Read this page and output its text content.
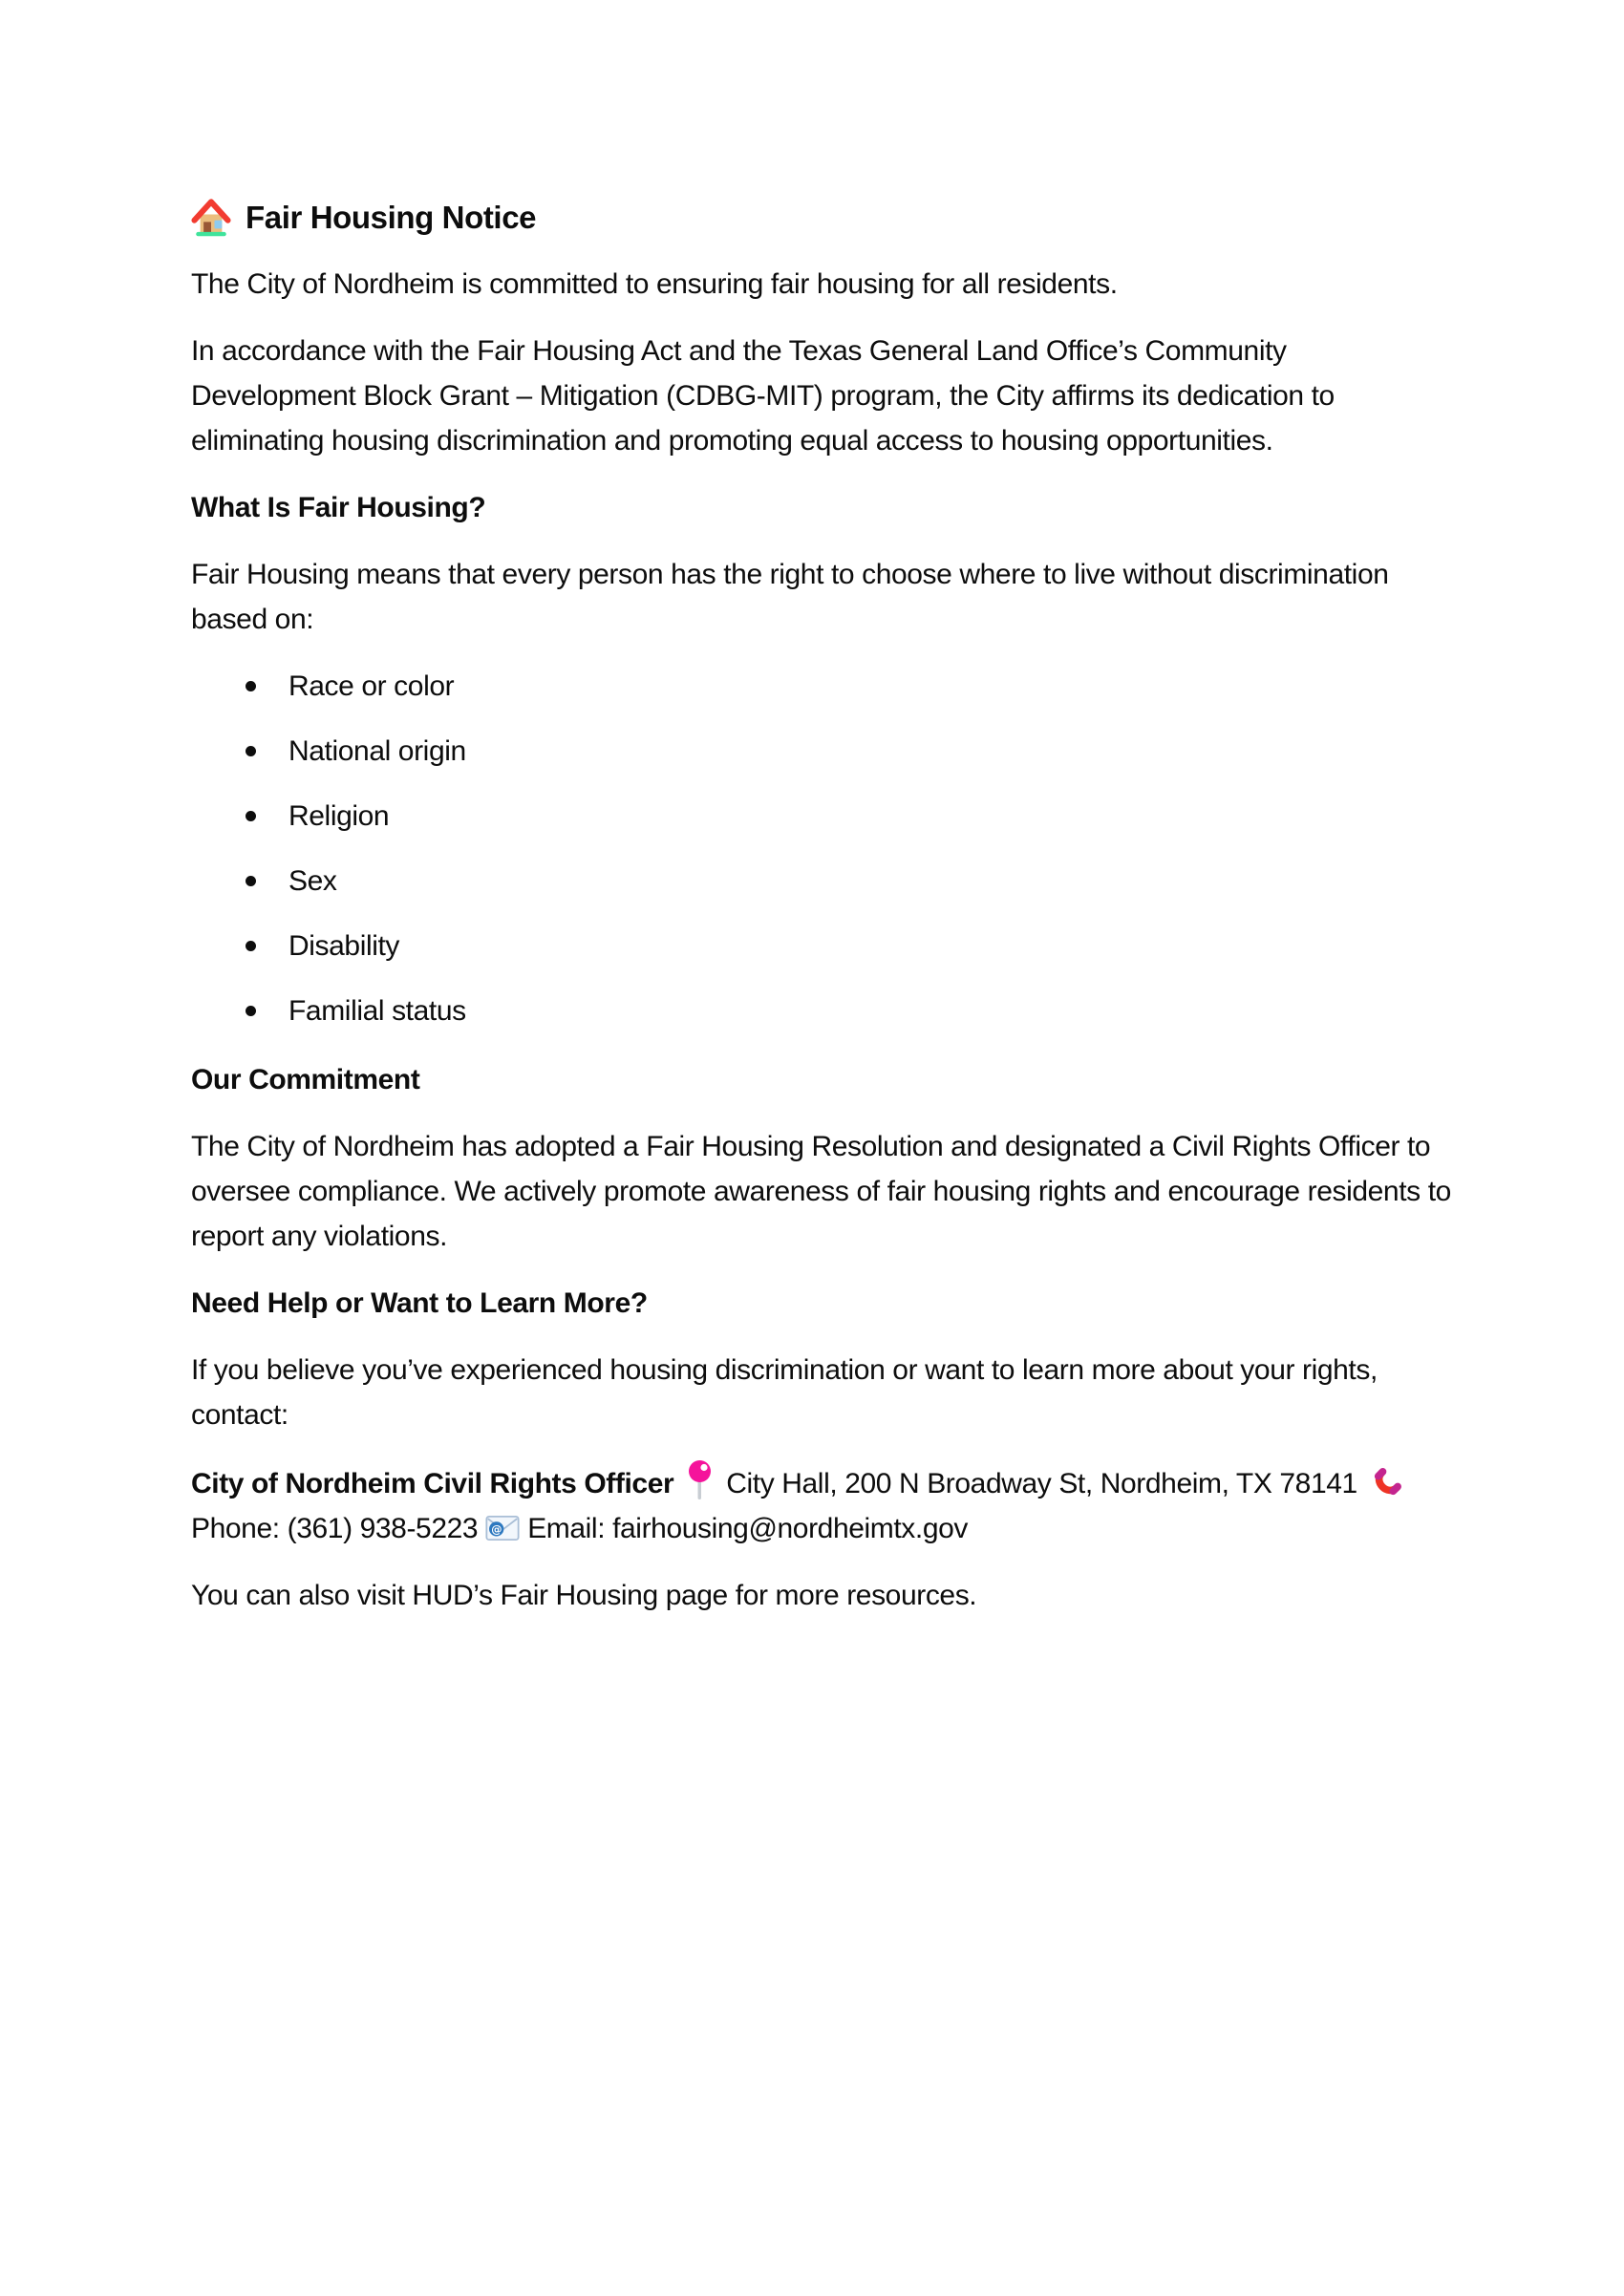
Fair Housing Notice

The City of Nordheim is committed to ensuring fair housing for all residents.

In accordance with the Fair Housing Act and the Texas General Land Office’s Community Development Block Grant – Mitigation (CDBG-MIT) program, the City affirms its dedication to eliminating housing discrimination and promoting equal access to housing opportunities.

What Is Fair Housing?

Fair Housing means that every person has the right to choose where to live without discrimination based on:

Race or color
National origin
Religion
Sex
Disability
Familial status
Our Commitment

The City of Nordheim has adopted a Fair Housing Resolution and designated a Civil Rights Officer to oversee compliance. We actively promote awareness of fair housing rights and encourage residents to report any violations.

Need Help or Want to Learn More?

If you believe you’ve experienced housing discrimination or want to learn more about your rights, contact:

City of Nordheim Civil Rights Officer City Hall, 200 N Broadway St, Nordheim, TX 78141 Phone: (361) 938-5223 @ Email: fairhousing@nordheimtx.gov

You can also visit HUD’s Fair Housing page for more resources.
